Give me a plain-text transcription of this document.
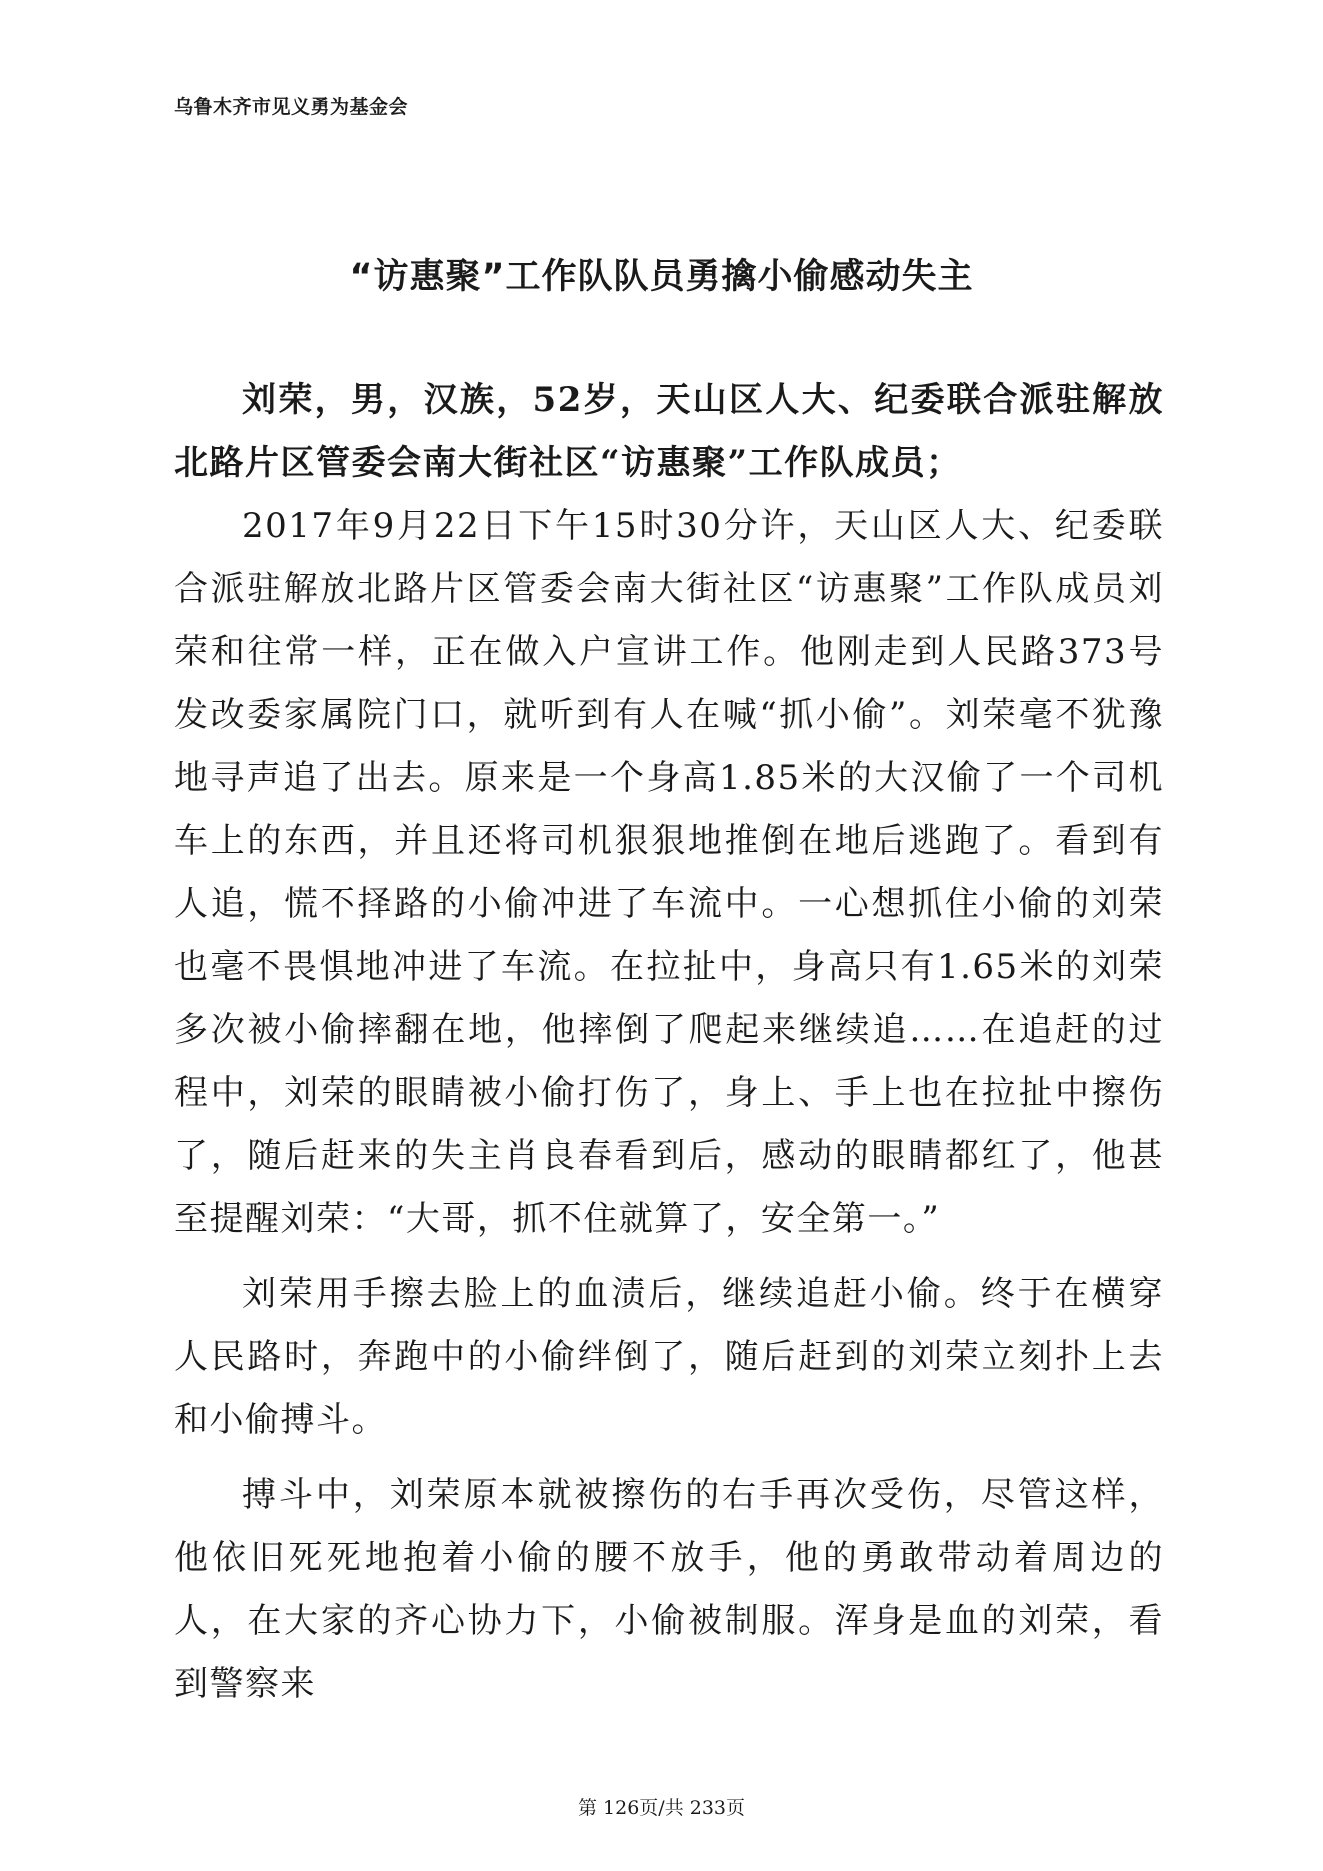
乌鲁木齐市见义勇为基金会
“访惠聚”工作队队员勇擒小偷感动失主

刘荣，男，汉族，52岁，天山区人大、纪委联合派驻解放北路片区管委会南大街社区“访惠聚”工作队成员；

2017年9月22日下午15时30分许，天山区人大、纪委联合派驻解放北路片区管委会南大街社区“访惠聚”工作队成员刘荣和往常一样，正在做入户宣讲工作。他刚走到人民路373号发改委家属院门口，就听到有人在喊“抓小偷”。刘荣毫不犹豫地寻声追了出去。原来是一个身高1.85米的大汉偷了一个司机车上的东西，并且还将司机狠狠地推倒在地后逃跑了。看到有人追，慌不择路的小偷冲进了车流中。一心想抓住小偷的刘荣也毫不畏惧地冲进了车流。在拉扯中，身高只有1.65米的刘荣多次被小偷摔翻在地，他摔倒了爬起来继续追……在追赶的过程中，刘荣的眼睛被小偷打伤了，身上、手上也在拉扯中擦伤了，随后赶来的失主肖良春看到后，感动的眼睛都红了，他甚至提醒刘荣：“大哥，抓不住就算了，安全第一。”

刘荣用手擦去脸上的血渍后，继续追赶小偷。终于在横穿人民路时，奔跑中的小偷绊倒了，随后赶到的刘荣立刻扑上去和小偷搏斗。

搏斗中，刘荣原本就被擦伤的右手再次受伤，尽管这样，他依旧死死地抱着小偷的腰不放手，他的勇敢带动着周边的人，在大家的齐心协力下，小偷被制服。浑身是血的刘荣，看到警察来

第 126页/共 233页
